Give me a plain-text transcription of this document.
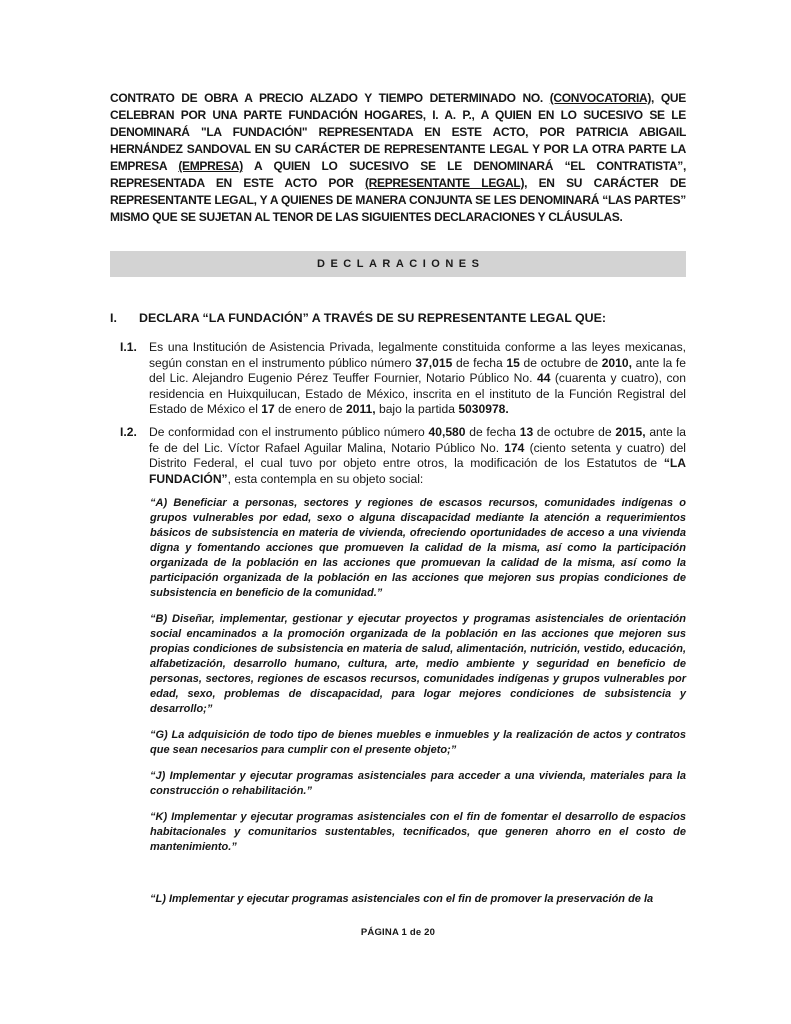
CONTRATO DE OBRA A PRECIO ALZADO Y TIEMPO DETERMINADO NO. (CONVOCATORIA), QUE CELEBRAN POR UNA PARTE FUNDACIÓN HOGARES, I. A. P., A QUIEN EN LO SUCESIVO SE LE DENOMINARÁ "LA FUNDACIÓN" REPRESENTADA EN ESTE ACTO, POR PATRICIA ABIGAIL HERNÁNDEZ SANDOVAL EN SU CARÁCTER DE REPRESENTANTE LEGAL Y POR LA OTRA PARTE LA EMPRESA (EMPRESA) A QUIEN LO SUCESIVO SE LE DENOMINARÁ “EL CONTRATISTA”, REPRESENTADA EN ESTE ACTO POR (REPRESENTANTE LEGAL), EN SU CARÁCTER DE REPRESENTANTE LEGAL, Y A QUIENES DE MANERA CONJUNTA SE LES DENOMINARÁ “LAS PARTES” MISMO QUE SE SUJETAN AL TENOR DE LAS SIGUIENTES DECLARACIONES Y CLÁUSULAS.

DECLARACIONES
I.	DECLARA “LA FUNDACIÓN” A TRAVÉS DE SU REPRESENTANTE LEGAL QUE:
I.1.	Es una Institución de Asistencia Privada, legalmente constituida conforme a las leyes mexicanas, según constan en el instrumento público número 37,015 de fecha 15 de octubre de 2010, ante la fe del Lic. Alejandro Eugenio Pérez Teuffer Fournier, Notario Público No. 44 (cuarenta y cuatro), con residencia en Huixquilucan, Estado de México, inscrita en el instituto de la Función Registral del Estado de México el 17 de enero de 2011, bajo la partida 5030978.

I.2.	De conformidad con el instrumento público número 40,580 de fecha 13 de octubre de 2015, ante la fe de del Lic. Víctor Rafael Aguilar Malina, Notario Público No. 174 (ciento setenta y cuatro) del Distrito Federal, el cual tuvo por objeto entre otros, la modificación de los Estatutos de “LA FUNDACIÓN”, esta contempla en su objeto social:

“A) Beneficiar a personas, sectores y regiones de escasos recursos, comunidades indígenas o grupos vulnerables por edad, sexo o alguna discapacidad mediante la atención a requerimientos básicos de subsistencia en materia de vivienda, ofreciendo oportunidades de acceso a una vivienda digna y fomentando acciones que promueven la calidad de la misma, así como la participación organizada de la población en las acciones que promuevan la calidad de la misma, así como la participación organizada de la población en las acciones que mejoren sus propias condiciones de subsistencia en beneficio de la comunidad.”

“B) Diseñar, implementar, gestionar y ejecutar proyectos y programas asistenciales de orientación social encaminados a la promoción organizada de la población en las acciones que mejoren sus propias condiciones de subsistencia en materia de salud, alimentación, nutrición, vestido, educación, alfabetización, desarrollo humano, cultura, arte, medio ambiente y seguridad en beneficio de personas, sectores, regiones de escasos recursos, comunidades indígenas y grupos vulnerables por edad, sexo, problemas de discapacidad, para logar mejores condiciones de subsistencia y desarrollo;”

“G) La adquisición de todo tipo de bienes muebles e inmuebles y la realización de actos y contratos que sean necesarios para cumplir con el presente objeto;”

“J) Implementar y ejecutar programas asistenciales para acceder a una vivienda, materiales para la construcción o rehabilitación.”

“K) Implementar y ejecutar programas asistenciales con el fin de fomentar el desarrollo de espacios habitacionales y comunitarios sustentables, tecnificados, que generen ahorro en el costo de mantenimiento.”

“L) Implementar y ejecutar programas asistenciales con el fin de promover la preservación de la

PÁGINA 1 de 20
